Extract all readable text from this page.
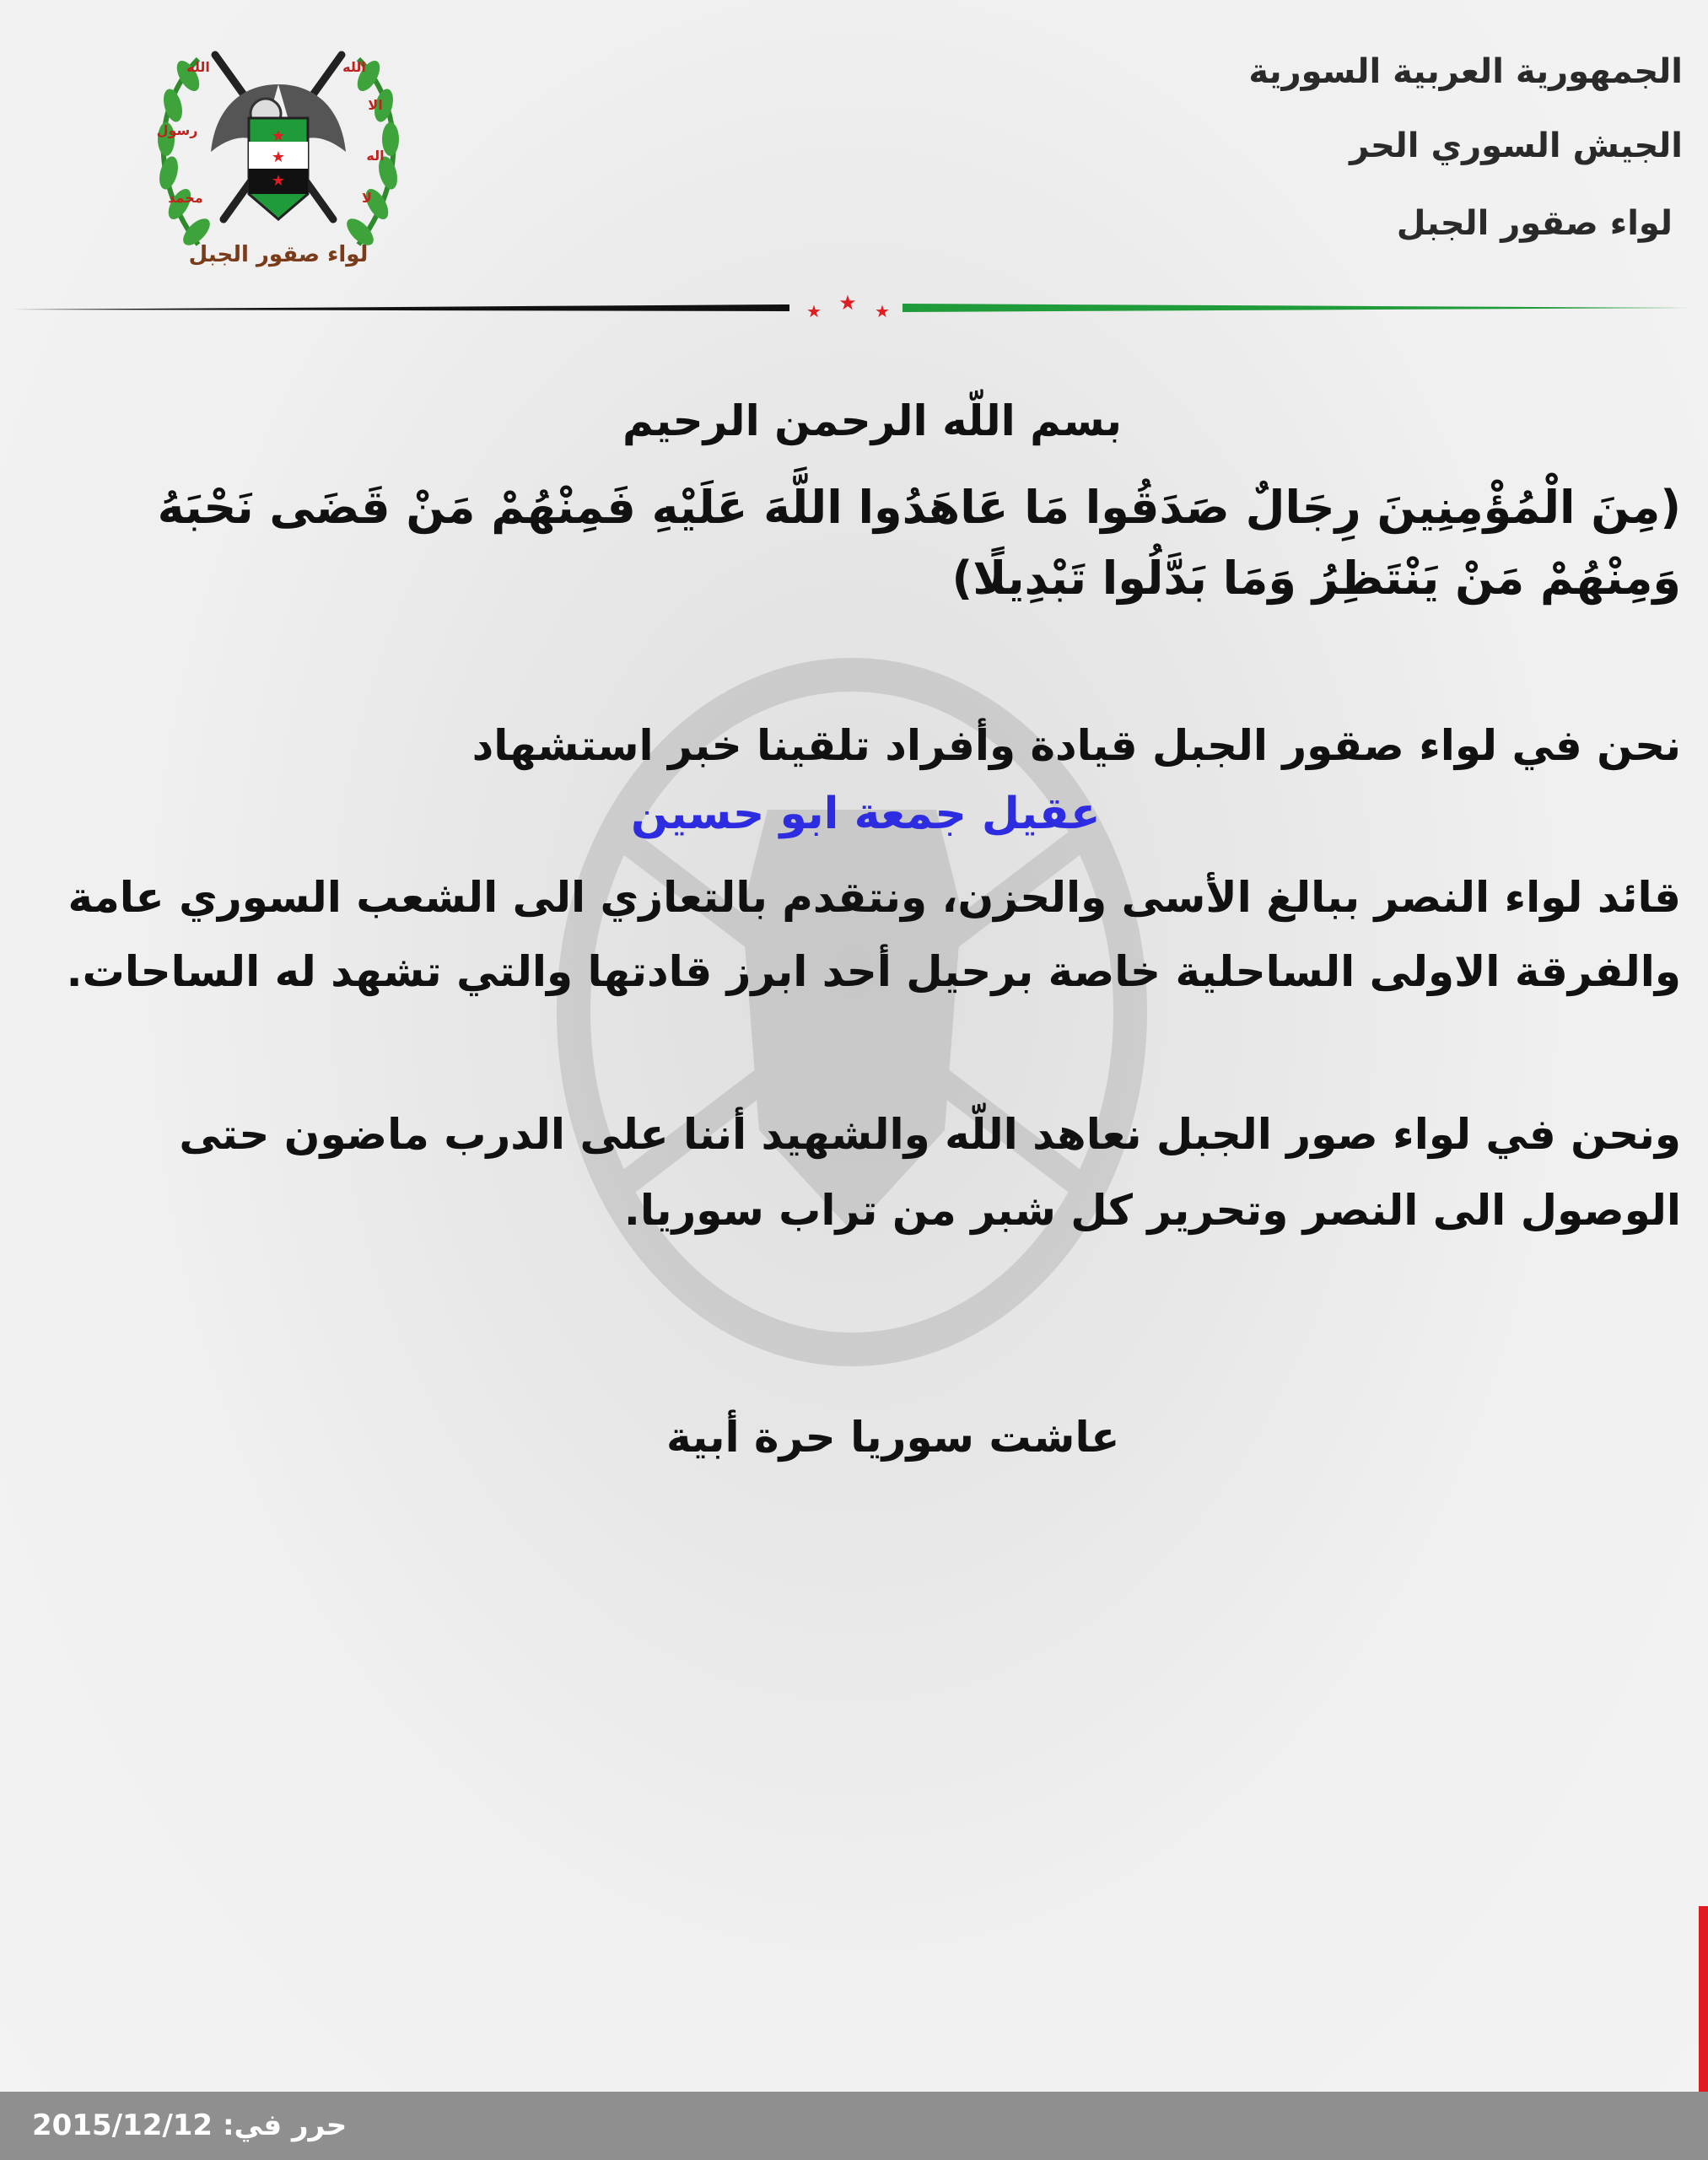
الجمهورية العربية السورية
الجيش السوري الحر
لواء صقور الجبل
★
★
★
الله
رسول
محمد
الله
الا
اله
لا
لواء صقور الجبل
★ ★ ★
بسم اللّه الرحمن الرحيم
(مِنَ الْمُؤْمِنِينَ رِجَالٌ صَدَقُوا مَا عَاهَدُوا اللَّهَ عَلَيْهِ فَمِنْهُمْ مَنْ قَضَى نَحْبَهُ وَمِنْهُمْ مَنْ يَنْتَظِرُ وَمَا بَدَّلُوا تَبْدِيلًا)
نحن في لواء صقور الجبل قيادة وأفراد تلقينا خبر استشهاد
عقيل جمعة ابو حسين
قائد لواء النصر ببالغ الأسى والحزن، ونتقدم بالتعازي الى الشعب السوري عامة والفرقة الاولى الساحلية خاصة برحيل أحد ابرز قادتها والتي تشهد له الساحات.
ونحن في لواء صور الجبل نعاهد اللّه والشهيد أننا على الدرب ماضون حتى الوصول الى النصر وتحرير كل شبر من تراب سوريا.
عاشت سوريا حرة أبية
حرر في: 2015/12/12
